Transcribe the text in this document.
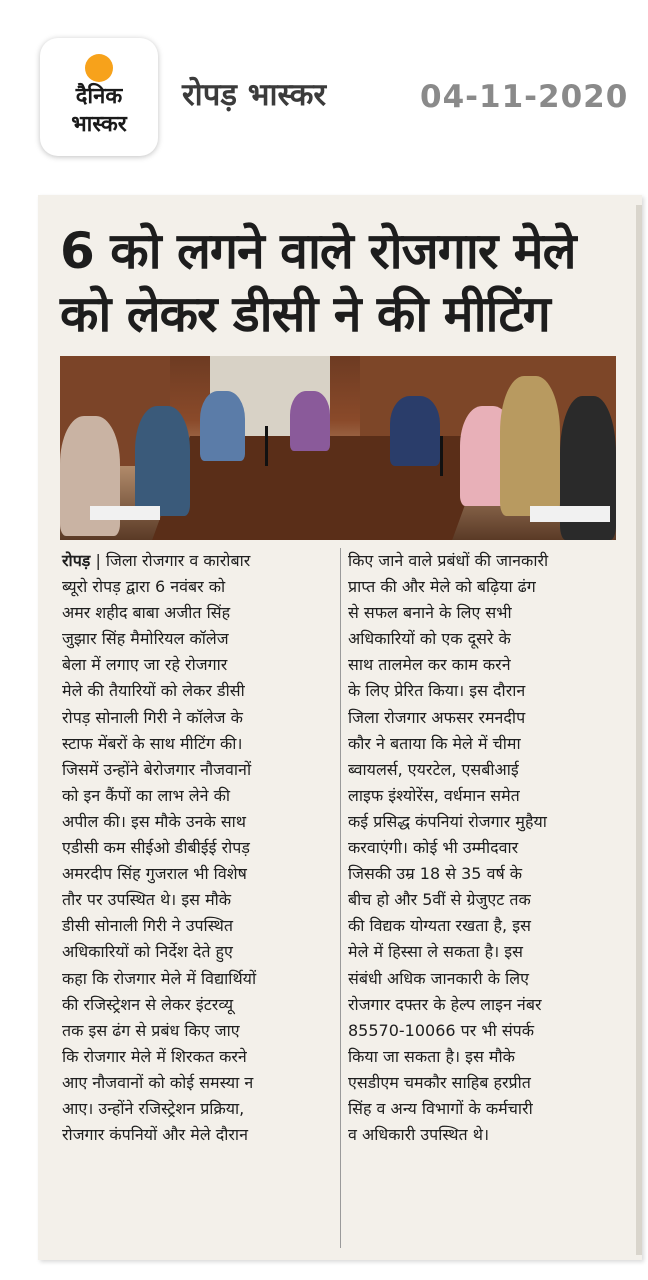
दैनिक
भास्कर
रोपड़ भास्कर	04-11-2020
6 को लगने वाले रोजगार मेले
को लेकर डीसी ने की मीटिंग
रोपड़ | जिला रोजगार व कारोबार
ब्यूरो रोपड़ द्वारा 6 नवंबर को
अमर शहीद बाबा अजीत सिंह
जुझार सिंह मैमोरियल कॉलेज
बेला में लगाए जा रहे रोजगार
मेले की तैयारियों को लेकर डीसी
रोपड़ सोनाली गिरी ने कॉलेज के
स्टाफ मेंबरों के साथ मीटिंग की।
जिसमें उन्होंने बेरोजगार नौजवानों
को इन कैंपों का लाभ लेने की
अपील की। इस मौके उनके साथ
एडीसी कम सीईओ डीबीईई रोपड़
अमरदीप सिंह गुजराल भी विशेष
तौर पर उपस्थित थे। इस मौके
डीसी सोनाली गिरी ने उपस्थित
अधिकारियों को निर्देश देते हुए
कहा कि रोजगार मेले में विद्यार्थियों
की रजिस्ट्रेशन से लेकर इंटरव्यू
तक इस ढंग से प्रबंध किए जाए
कि रोजगार मेले में शिरकत करने
आए नौजवानों को कोई समस्या न
आए। उन्होंने रजिस्ट्रेशन प्रक्रिया,
रोजगार कंपनियों और मेले दौरान
किए जाने वाले प्रबंधों की जानकारी
प्राप्त की और मेले को बढ़िया ढंग
से सफल बनाने के लिए सभी
अधिकारियों को एक दूसरे के
साथ तालमेल कर काम करने
के लिए प्रेरित किया। इस दौरान
जिला रोजगार अफसर रमनदीप
कौर ने बताया कि मेले में चीमा
ब्वायलर्स, एयरटेल, एसबीआई
लाइफ इंश्योरेंस, वर्धमान समेत
कई प्रसिद्ध कंपनियां रोजगार मुहैया
करवाएंगी। कोई भी उम्मीदवार
जिसकी उम्र 18 से 35 वर्ष के
बीच हो और 5वीं से ग्रेजुएट तक
की विद्यक योग्यता रखता है, इस
मेले में हिस्सा ले सकता है। इस
संबंधी अधिक जानकारी के लिए
रोजगार दफ्तर के हेल्प लाइन नंबर
85570-10066 पर भी संपर्क
किया जा सकता है। इस मौके
एसडीएम चमकौर साहिब हरप्रीत
सिंह व अन्य विभागों के कर्मचारी
व अधिकारी उपस्थित थे।
